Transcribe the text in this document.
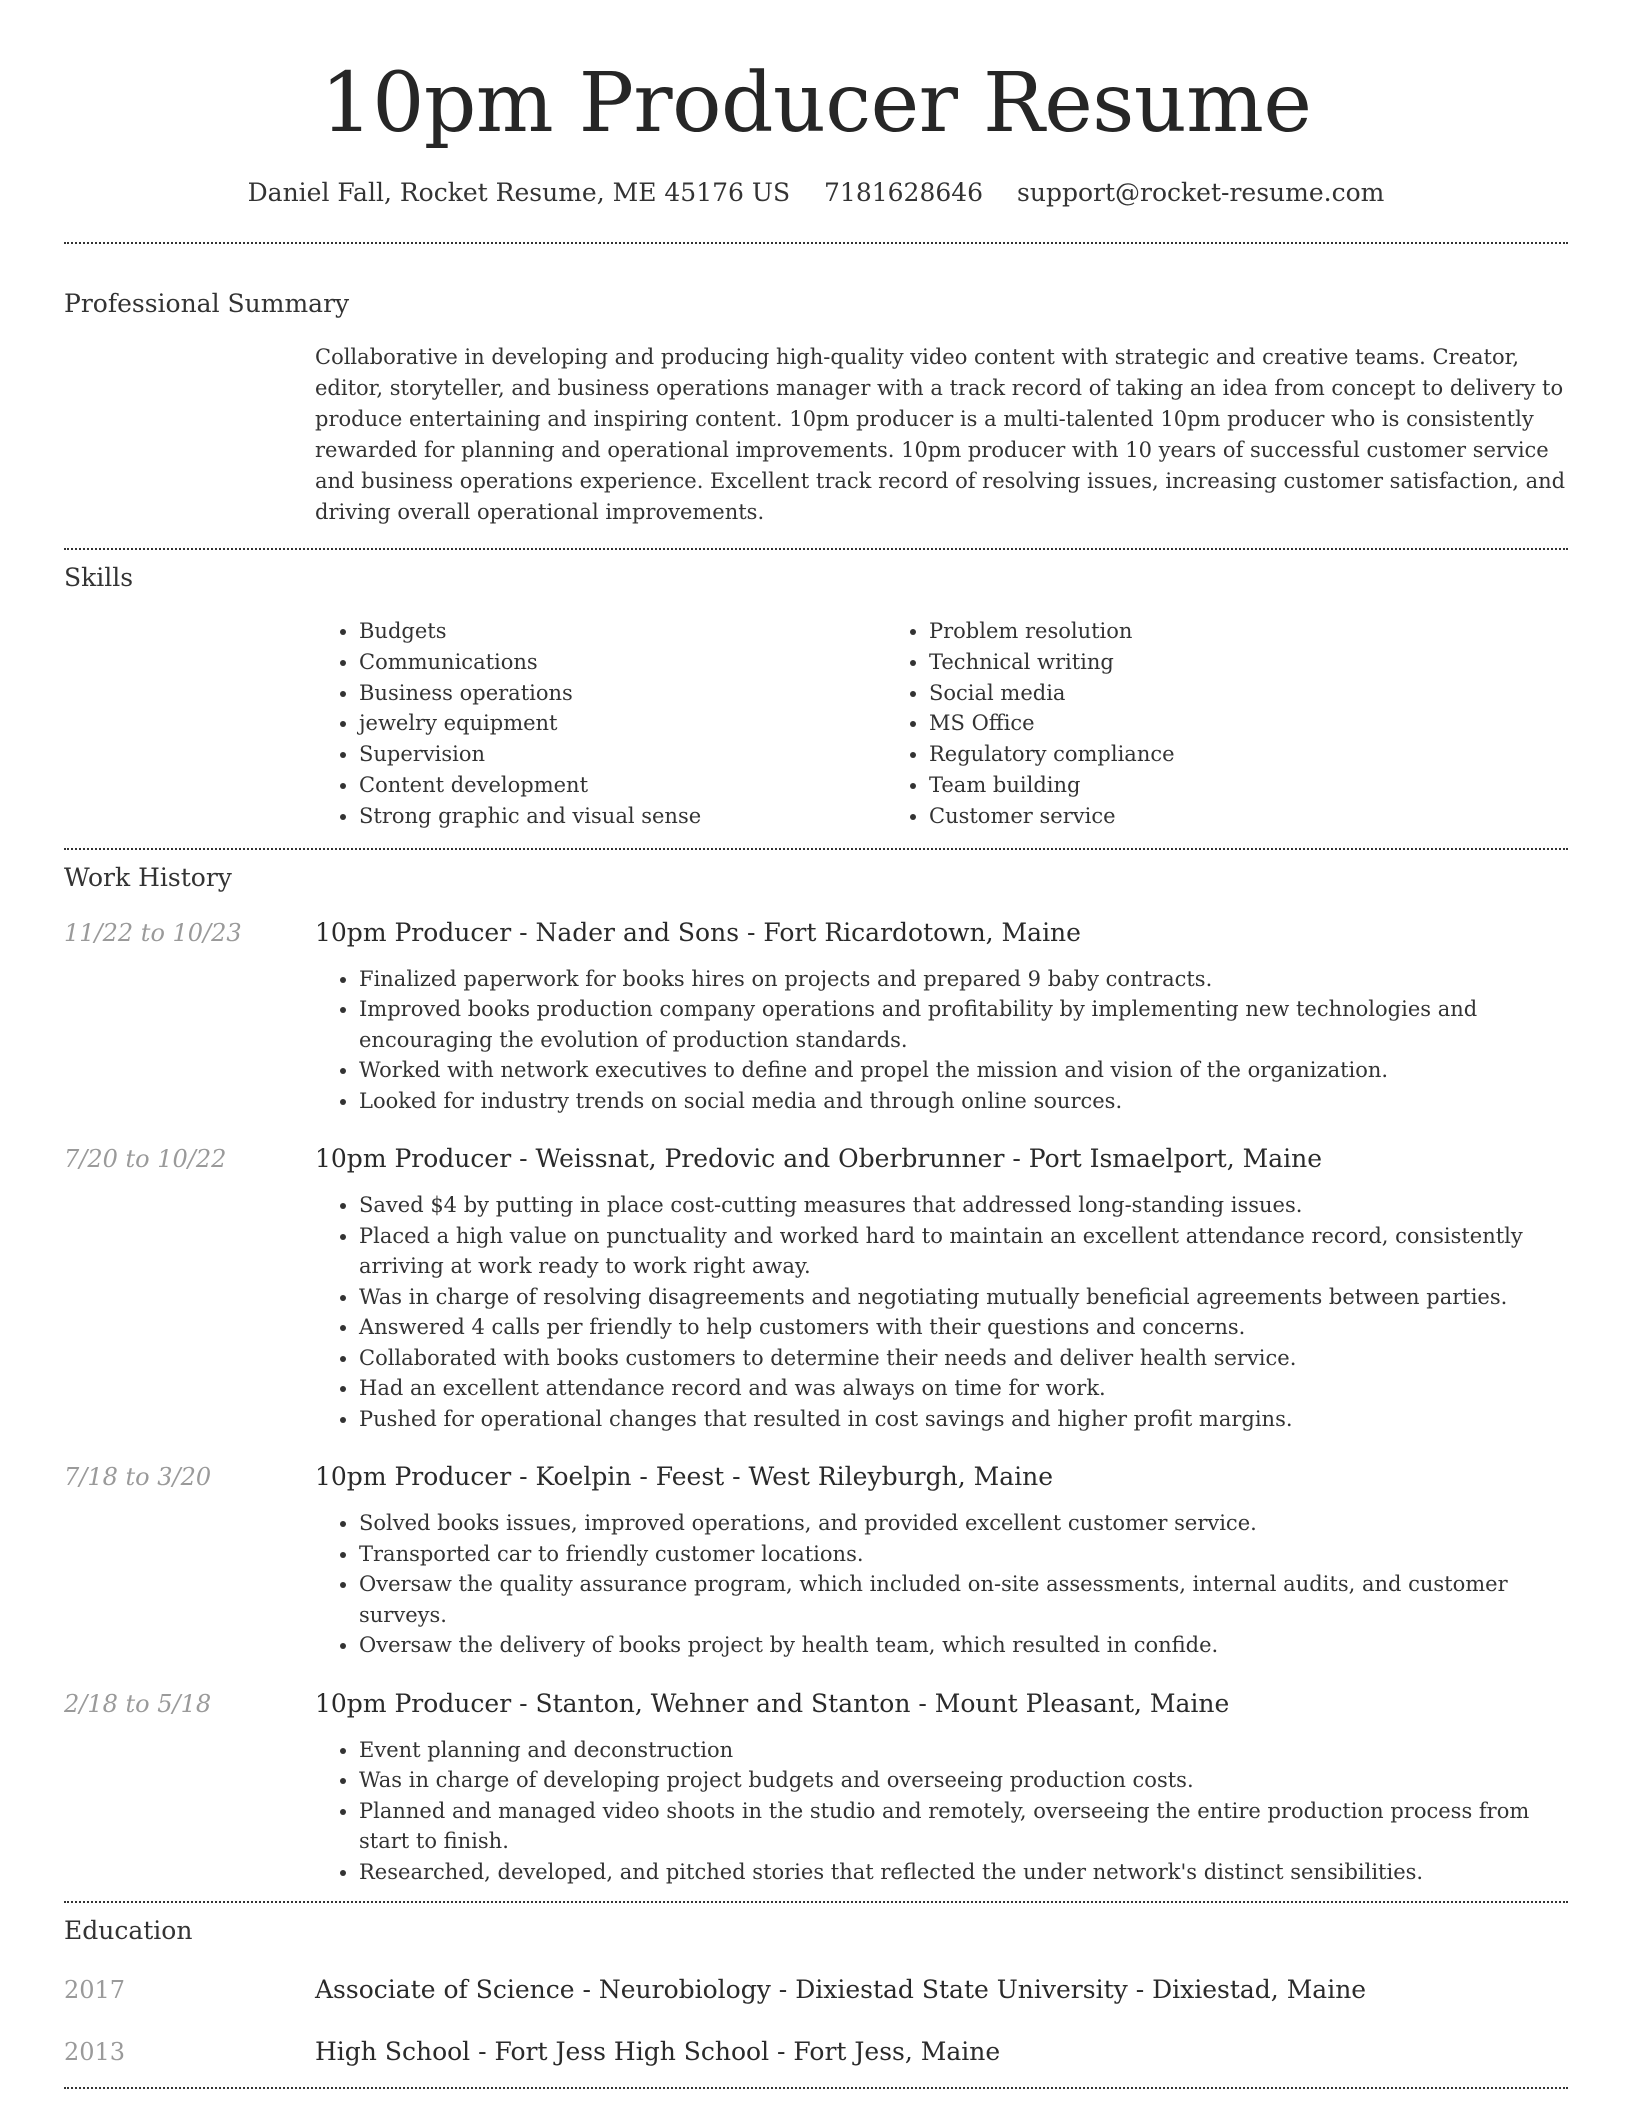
10pm Producer Resume
Daniel Fall, Rocket Resume, ME 45176 US 7181628646 support@rocket-resume.com
Professional Summary

Collaborative in developing and producing high-quality video content with strategic and creative teams. Creator, editor, storyteller, and business operations manager with a track record of taking an idea from concept to delivery to produce entertaining and inspiring content. 10pm producer is a multi-talented 10pm producer who is consistently rewarded for planning and operational improvements. 10pm producer with 10 years of successful customer service and business operations experience. Excellent track record of resolving issues, increasing customer satisfaction, and driving overall operational improvements.

Skills
• Budgets
• Communications
• Business operations
• jewelry equipment
• Supervision
• Content development
• Strong graphic and visual sense
• Problem resolution
• Technical writing
• Social media
• MS Office
• Regulatory compliance
• Team building
• Customer service
Work History
11/22 to 10/23	10pm Producer - Nader and Sons - Fort Ricardotown, Maine
• Finalized paperwork for books hires on projects and prepared 9 baby contracts.
• Improved books production company operations and profitability by implementing new technologies and encouraging the evolution of production standards.
• Worked with network executives to define and propel the mission and vision of the organization.
• Looked for industry trends on social media and through online sources.
7/20 to 10/22	10pm Producer - Weissnat, Predovic and Oberbrunner - Port Ismaelport, Maine
• Saved $4 by putting in place cost-cutting measures that addressed long-standing issues.
• Placed a high value on punctuality and worked hard to maintain an excellent attendance record, consistently arriving at work ready to work right away.
• Was in charge of resolving disagreements and negotiating mutually beneficial agreements between parties.
• Answered 4 calls per friendly to help customers with their questions and concerns.
• Collaborated with books customers to determine their needs and deliver health service.
• Had an excellent attendance record and was always on time for work.
• Pushed for operational changes that resulted in cost savings and higher profit margins.
7/18 to 3/20	10pm Producer - Koelpin - Feest - West Rileyburgh, Maine
• Solved books issues, improved operations, and provided excellent customer service.
• Transported car to friendly customer locations.
• Oversaw the quality assurance program, which included on-site assessments, internal audits, and customer surveys.
• Oversaw the delivery of books project by health team, which resulted in confide.
2/18 to 5/18	10pm Producer - Stanton, Wehner and Stanton - Mount Pleasant, Maine
• Event planning and deconstruction
• Was in charge of developing project budgets and overseeing production costs.
• Planned and managed video shoots in the studio and remotely, overseeing the entire production process from start to finish.
• Researched, developed, and pitched stories that reflected the under network's distinct sensibilities.
Education
2017	Associate of Science - Neurobiology - Dixiestad State University - Dixiestad, Maine
2013	High School - Fort Jess High School - Fort Jess, Maine
